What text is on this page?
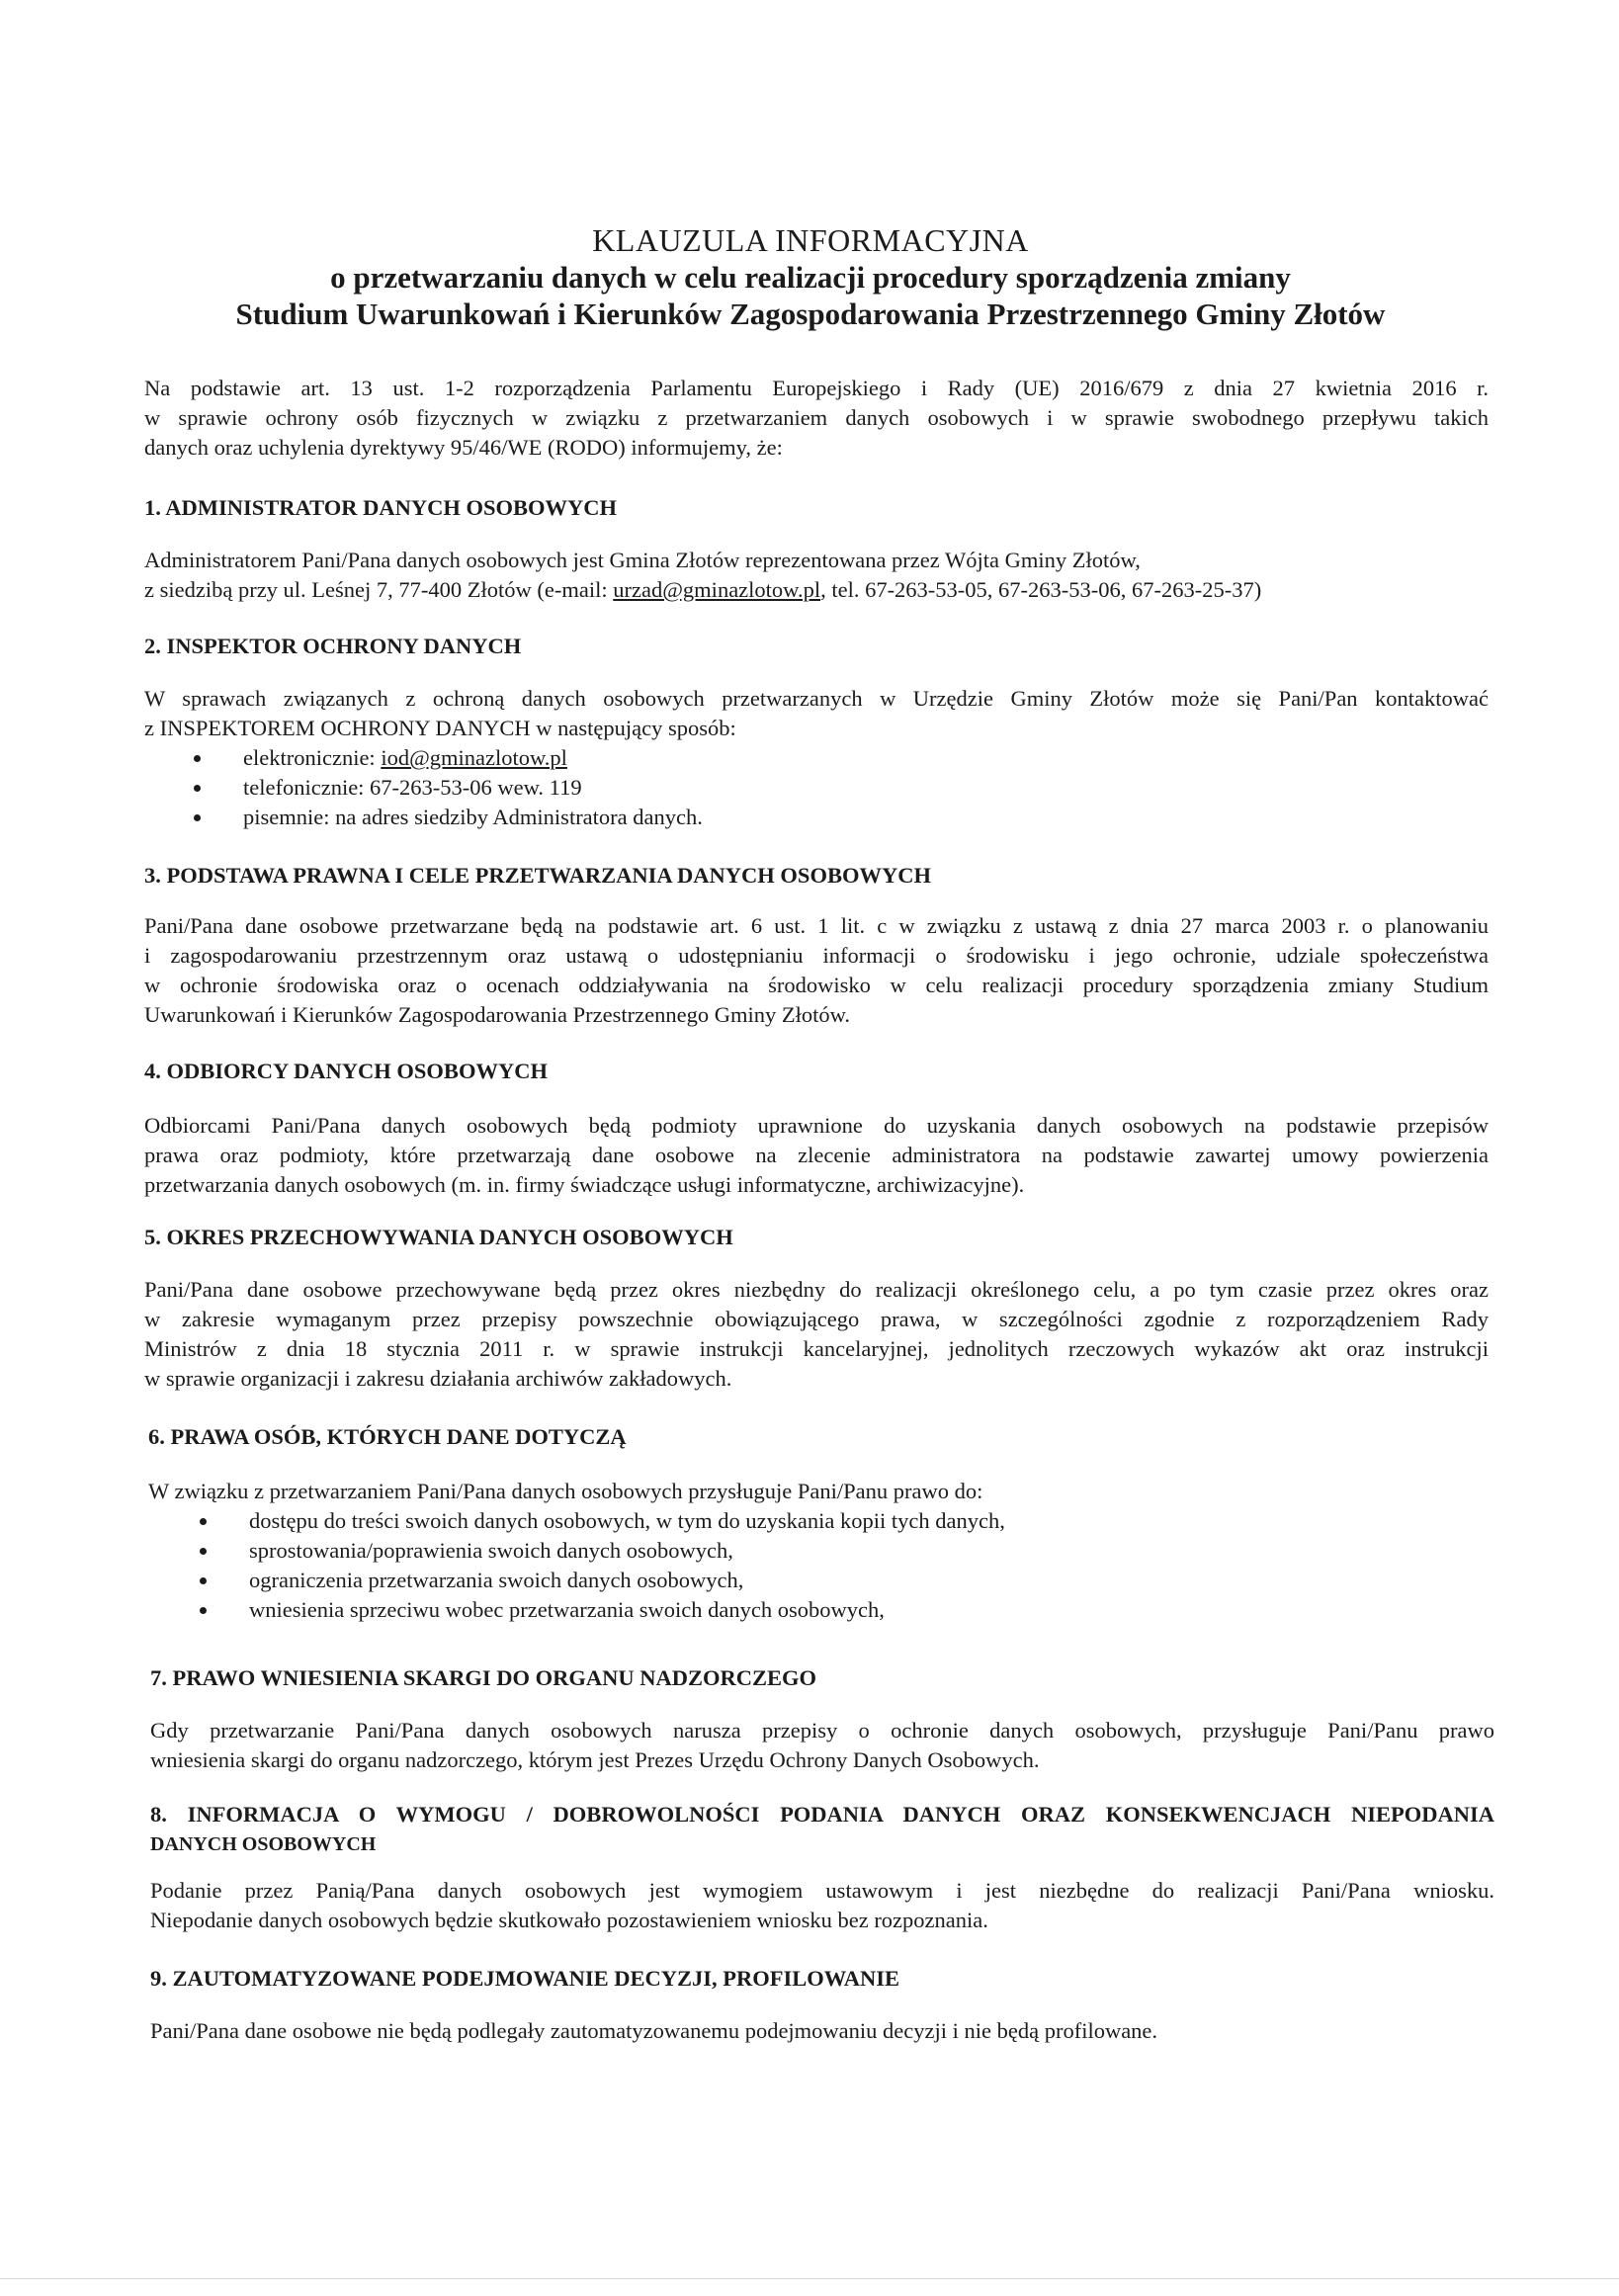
KLAUZULA INFORMACYJNA
o przetwarzaniu danych w celu realizacji procedury sporządzenia zmiany
Studium Uwarunkowań i Kierunków Zagospodarowania Przestrzennego Gminy Złotów
Na podstawie art. 13 ust. 1-2 rozporządzenia Parlamentu Europejskiego i Rady (UE) 2016/679 z dnia 27 kwietnia 2016 r.
w sprawie ochrony osób fizycznych w związku z przetwarzaniem danych osobowych i w sprawie swobodnego przepływu takich
danych oraz uchylenia dyrektywy 95/46/WE (RODO) informujemy, że:
1. ADMINISTRATOR DANYCH OSOBOWYCH
Administratorem Pani/Pana danych osobowych jest Gmina Złotów reprezentowana przez Wójta Gminy Złotów,
z siedzibą przy ul. Leśnej 7, 77-400 Złotów (e-mail: urzad@gminazlotow.pl, tel. 67-263-53-05, 67-263-53-06, 67-263-25-37)
2. INSPEKTOR OCHRONY DANYCH
W sprawach związanych z ochroną danych osobowych przetwarzanych w Urzędzie Gminy Złotów może się Pani/Pan kontaktować
z INSPEKTOREM OCHRONY DANYCH w następujący sposób:
elektronicznie: iod@gminazlotow.pl
telefonicznie: 67-263-53-06 wew. 119
pisemnie: na adres siedziby Administratora danych.
3. PODSTAWA PRAWNA I CELE PRZETWARZANIA DANYCH OSOBOWYCH
Pani/Pana dane osobowe przetwarzane będą na podstawie art. 6 ust. 1 lit. c w związku z ustawą z dnia 27 marca 2003 r. o planowaniu
i zagospodarowaniu przestrzennym oraz ustawą o udostępnianiu informacji o środowisku i jego ochronie, udziale społeczeństwa
w ochronie środowiska oraz o ocenach oddziaływania na środowisko w celu realizacji procedury sporządzenia zmiany Studium
Uwarunkowań i Kierunków Zagospodarowania Przestrzennego Gminy Złotów.
4. ODBIORCY DANYCH OSOBOWYCH
Odbiorcami Pani/Pana danych osobowych będą podmioty uprawnione do uzyskania danych osobowych na podstawie przepisów
prawa oraz podmioty, które przetwarzają dane osobowe na zlecenie administratora na podstawie zawartej umowy powierzenia
przetwarzania danych osobowych (m. in. firmy świadczące usługi informatyczne, archiwizacyjne).
5. OKRES PRZECHOWYWANIA DANYCH OSOBOWYCH
Pani/Pana dane osobowe przechowywane będą przez okres niezbędny do realizacji określonego celu, a po tym czasie przez okres oraz
w zakresie wymaganym przez przepisy powszechnie obowiązującego prawa, w szczególności zgodnie z rozporządzeniem Rady
Ministrów z dnia 18 stycznia 2011 r. w sprawie instrukcji kancelaryjnej, jednolitych rzeczowych wykazów akt oraz instrukcji
w sprawie organizacji i zakresu działania archiwów zakładowych.
6. PRAWA OSÓB, KTÓRYCH DANE DOTYCZĄ
W związku z przetwarzaniem Pani/Pana danych osobowych przysługuje Pani/Panu prawo do:
dostępu do treści swoich danych osobowych, w tym do uzyskania kopii tych danych,
sprostowania/poprawienia swoich danych osobowych,
ograniczenia przetwarzania swoich danych osobowych,
wniesienia sprzeciwu wobec przetwarzania swoich danych osobowych,
7. PRAWO WNIESIENIA SKARGI DO ORGANU NADZORCZEGO
Gdy przetwarzanie Pani/Pana danych osobowych narusza przepisy o ochronie danych osobowych, przysługuje Pani/Panu prawo
wniesienia skargi do organu nadzorczego, którym jest Prezes Urzędu Ochrony Danych Osobowych.
8. INFORMACJA O WYMOGU / DOBROWOLNOŚCI PODANIA DANYCH ORAZ KONSEKWENCJACH NIEPODANIA
DANYCH OSOBOWYCH
Podanie przez Panią/Pana danych osobowych jest wymogiem ustawowym i jest niezbędne do realizacji Pani/Pana wniosku.
Niepodanie danych osobowych będzie skutkowało pozostawieniem wniosku bez rozpoznania.
9. ZAUTOMATYZOWANE PODEJMOWANIE DECYZJI, PROFILOWANIE
Pani/Pana dane osobowe nie będą podlegały zautomatyzowanemu podejmowaniu decyzji i nie będą profilowane.
